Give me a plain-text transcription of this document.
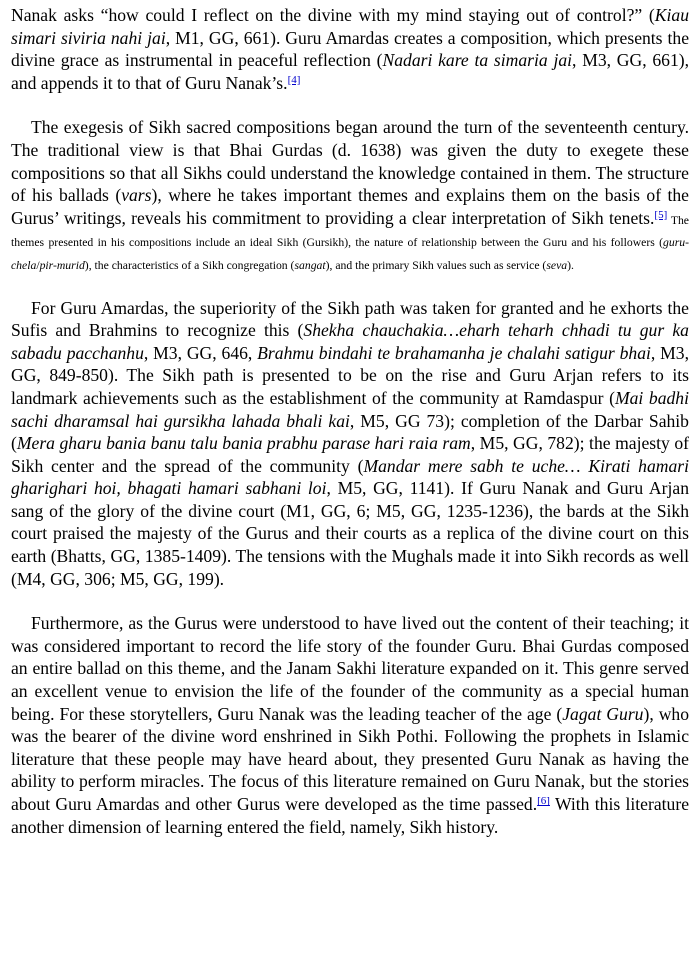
Nanak asks “how could I reflect on the divine with my mind staying out of control?” (Kiau simari siviria nahi jai, M1, GG, 661). Guru Amardas creates a composition, which presents the divine grace as instrumental in peaceful reflection (Nadari kare ta simaria jai, M3, GG, 661), and appends it to that of Guru Nanak’s.[4]

The exegesis of Sikh sacred compositions began around the turn of the seventeenth century. The traditional view is that Bhai Gurdas (d. 1638) was given the duty to exegete these compositions so that all Sikhs could understand the knowledge contained in them. The structure of his ballads (vars), where he takes important themes and explains them on the basis of the Gurus’ writings, reveals his commitment to providing a clear interpretation of Sikh tenets.[5] The themes presented in his compositions include an ideal Sikh (Gursikh), the nature of relationship between the Guru and his followers (guru-chela/pir-murid), the characteristics of a Sikh congregation (sangat), and the primary Sikh values such as service (seva).

For Guru Amardas, the superiority of the Sikh path was taken for granted and he exhorts the Sufis and Brahmins to recognize this (Shekha chauchakia…eharh teharh chhadi tu gur ka sabadu pacchanhu, M3, GG, 646, Brahmu bindahi te brahamanha je chalahi satigur bhai, M3, GG, 849-850). The Sikh path is presented to be on the rise and Guru Arjan refers to its landmark achievements such as the establishment of the community at Ramdaspur (Mai badhi sachi dharamsal hai gursikha lahada bhali kai, M5, GG 73); completion of the Darbar Sahib (Mera gharu bania banu talu bania prabhu parase hari raia ram, M5, GG, 782); the majesty of Sikh center and the spread of the community (Mandar mere sabh te uche… Kirati hamari gharighari hoi, bhagati hamari sabhani loi, M5, GG, 1141). If Guru Nanak and Guru Arjan sang of the glory of the divine court (M1, GG, 6; M5, GG, 1235-1236), the bards at the Sikh court praised the majesty of the Gurus and their courts as a replica of the divine court on this earth (Bhatts, GG, 1385-1409). The tensions with the Mughals made it into Sikh records as well (M4, GG, 306; M5, GG, 199).

Furthermore, as the Gurus were understood to have lived out the content of their teaching; it was considered important to record the life story of the founder Guru. Bhai Gurdas composed an entire ballad on this theme, and the Janam Sakhi literature expanded on it. This genre served an excellent venue to envision the life of the founder of the community as a special human being. For these storytellers, Guru Nanak was the leading teacher of the age (Jagat Guru), who was the bearer of the divine word enshrined in Sikh Pothi. Following the prophets in Islamic literature that these people may have heard about, they presented Guru Nanak as having the ability to perform miracles. The focus of this literature remained on Guru Nanak, but the stories about Guru Amardas and other Gurus were developed as the time passed.[6] With this literature another dimension of learning entered the field, namely, Sikh history.
